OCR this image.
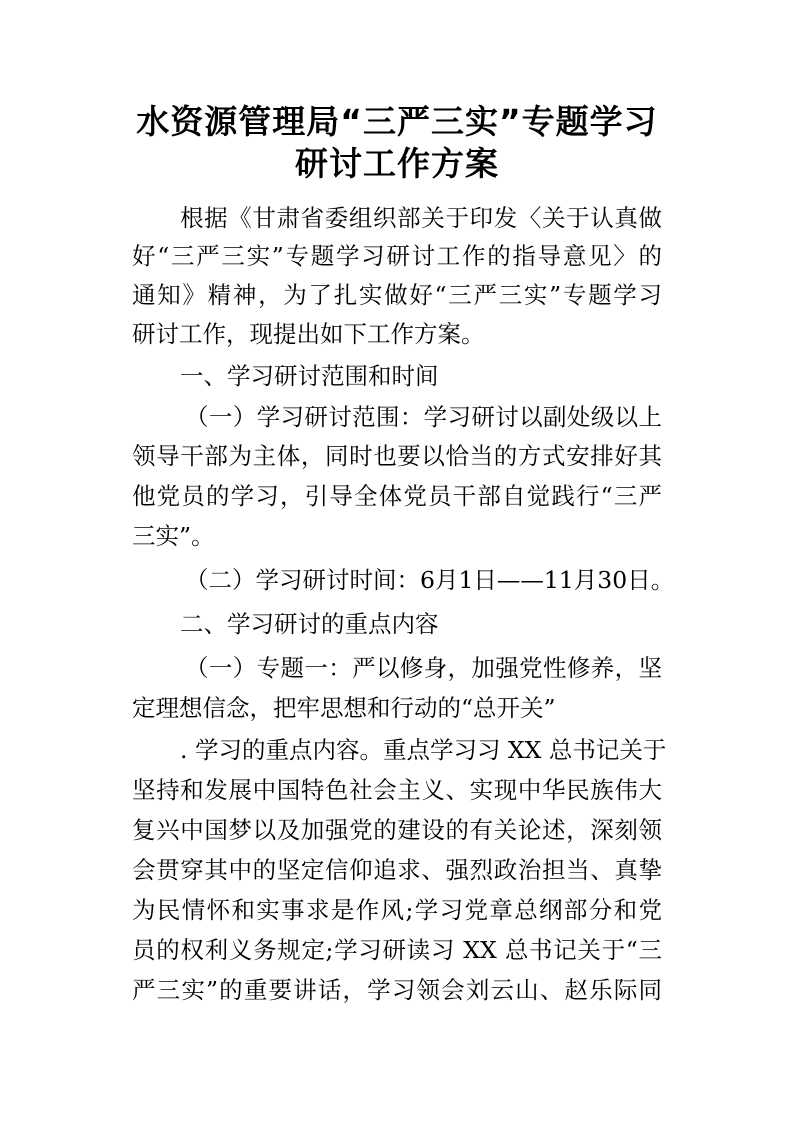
水资源管理局“三严三实”专题学习
研讨工作方案
根据《甘肃省委组织部关于印发〈关于认真做
好“三严三实”专题学习研讨工作的指导意见〉的
通知》精神，为了扎实做好“三严三实”专题学习
研讨工作，现提出如下工作方案。
一、学习研讨范围和时间
（一）学习研讨范围：学习研讨以副处级以上
领导干部为主体，同时也要以恰当的方式安排好其
他党员的学习，引导全体党员干部自觉践行“三严
三实”。
（二）学习研讨时间：6月1日——11月30日。
二、学习研讨的重点内容
（一）专题一：严以修身，加强党性修养，坚
定理想信念，把牢思想和行动的“总开关”
. 学习的重点内容。重点学习习 XX 总书记关于
坚持和发展中国特色社会主义、实现中华民族伟大
复兴中国梦以及加强党的建设的有关论述，深刻领
会贯穿其中的坚定信仰追求、强烈政治担当、真挚
为民情怀和实事求是作风;学习党章总纲部分和党
员的权利义务规定;学习研读习 XX 总书记关于“三
严三实”的重要讲话，学习领会刘云山、赵乐际同
